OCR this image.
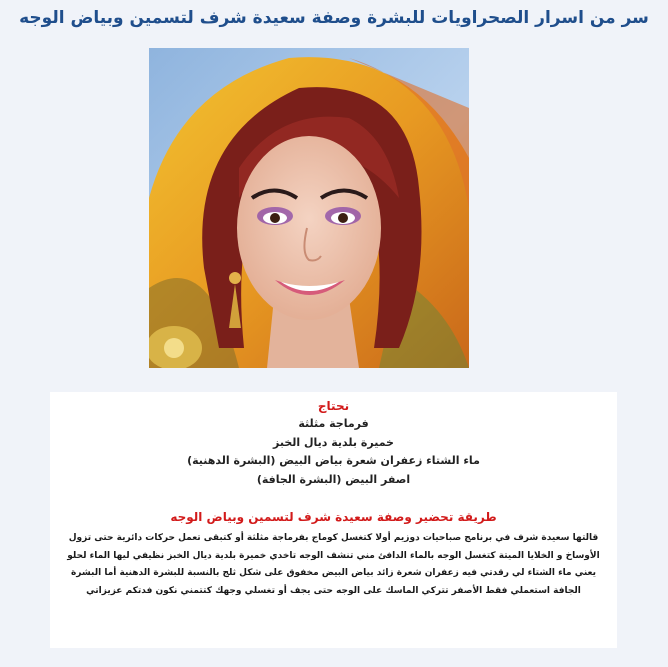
سر من اسرار الصحراويات للبشرة وصفة سعيدة شرف لتسمين وبياض الوجه
نحتاج
فرماجة مثلثة
خميرة بلدية ديال الخبز
ماء الشتاء زعفران شعرة بياض البيض (البشرة الدهنية)
اصفر البيض (البشرة الجافة)
طريقة تحضير وصفة سعيدة شرف لتسمين وبياض الوجه
قالتها سعيدة شرف في برنامج صباحيات دوزيم أولا كتغسل كوماج بفرماجة مثلثة أو كتبقى تعمل حركات دائرية حتى تزول الأوساخ و الخلايا الميتة كتغسل الوجه بالماء الدافئ مني تنشف الوجه تاخدي خميرة بلدية ديال الخبز نظيفي ليها الماء لحلو يعني ماء الشتاء لي رقدتي فيه زعفران شعرة زائد بياض البيض مخفوق على شكل ثلج بالنسبة للبشرة الدهنية أما البشرة الجافة استعملي فقط الأصفر تتركي الماسك على الوجه حتى يجف أو تغسلي وجهك كتتمني نكون فدتكم عزيزاتي
